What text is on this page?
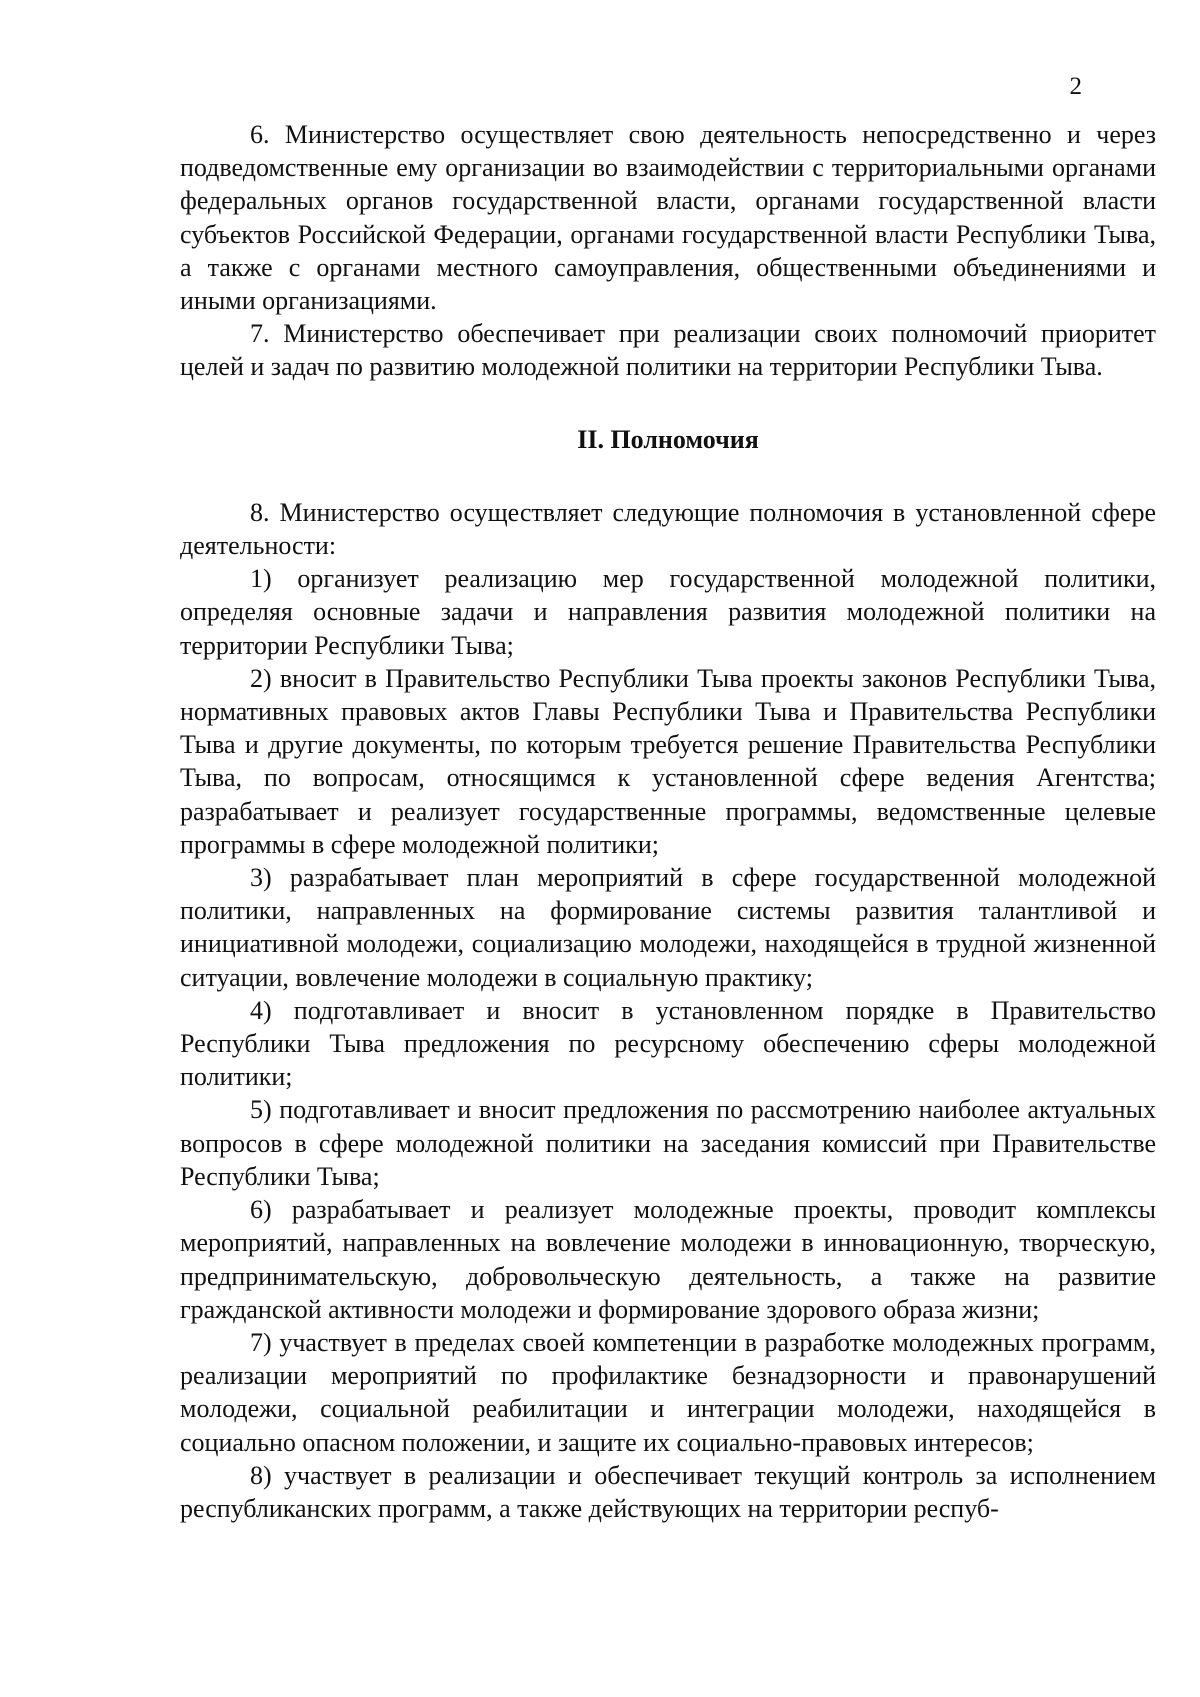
2

6. Министерство осуществляет свою деятельность непосредственно и через подведомственные ему организации во взаимодействии с территориальными органами федеральных органов государственной власти, органами государственной власти субъектов Российской Федерации, органами государственной власти Республики Тыва, а также с органами местного самоуправления, общественными объединениями и иными организациями.

7. Министерство обеспечивает при реализации своих полномочий приоритет целей и задач по развитию молодежной политики на территории Республики Тыва.

II. Полномочия

8. Министерство осуществляет следующие полномочия в установленной сфере деятельности:

1) организует реализацию мер государственной молодежной политики, определяя основные задачи и направления развития молодежной политики на территории Республики Тыва;

2) вносит в Правительство Республики Тыва проекты законов Республики Тыва, нормативных правовых актов Главы Республики Тыва и Правительства Республики Тыва и другие документы, по которым требуется решение Правительства Республики Тыва, по вопросам, относящимся к установленной сфере ведения Агентства; разрабатывает и реализует государственные программы, ведомственные целевые программы в сфере молодежной политики;

3) разрабатывает план мероприятий в сфере государственной молодежной политики, направленных на формирование системы развития талантливой и инициативной молодежи, социализацию молодежи, находящейся в трудной жизненной ситуации, вовлечение молодежи в социальную практику;

4) подготавливает и вносит в установленном порядке в Правительство Республики Тыва предложения по ресурсному обеспечению сферы молодежной политики;

5) подготавливает и вносит предложения по рассмотрению наиболее актуальных вопросов в сфере молодежной политики на заседания комиссий при Правительстве Республики Тыва;

6) разрабатывает и реализует молодежные проекты, проводит комплексы мероприятий, направленных на вовлечение молодежи в инновационную, творческую, предпринимательскую, добровольческую деятельность, а также на развитие гражданской активности молодежи и формирование здорового образа жизни;

7) участвует в пределах своей компетенции в разработке молодежных программ, реализации мероприятий по профилактике безнадзорности и правонарушений молодежи, социальной реабилитации и интеграции молодежи, находящейся в социально опасном положении, и защите их социально-правовых интересов;

8) участвует в реализации и обеспечивает текущий контроль за исполнением республиканских программ, а также действующих на территории респуб-
